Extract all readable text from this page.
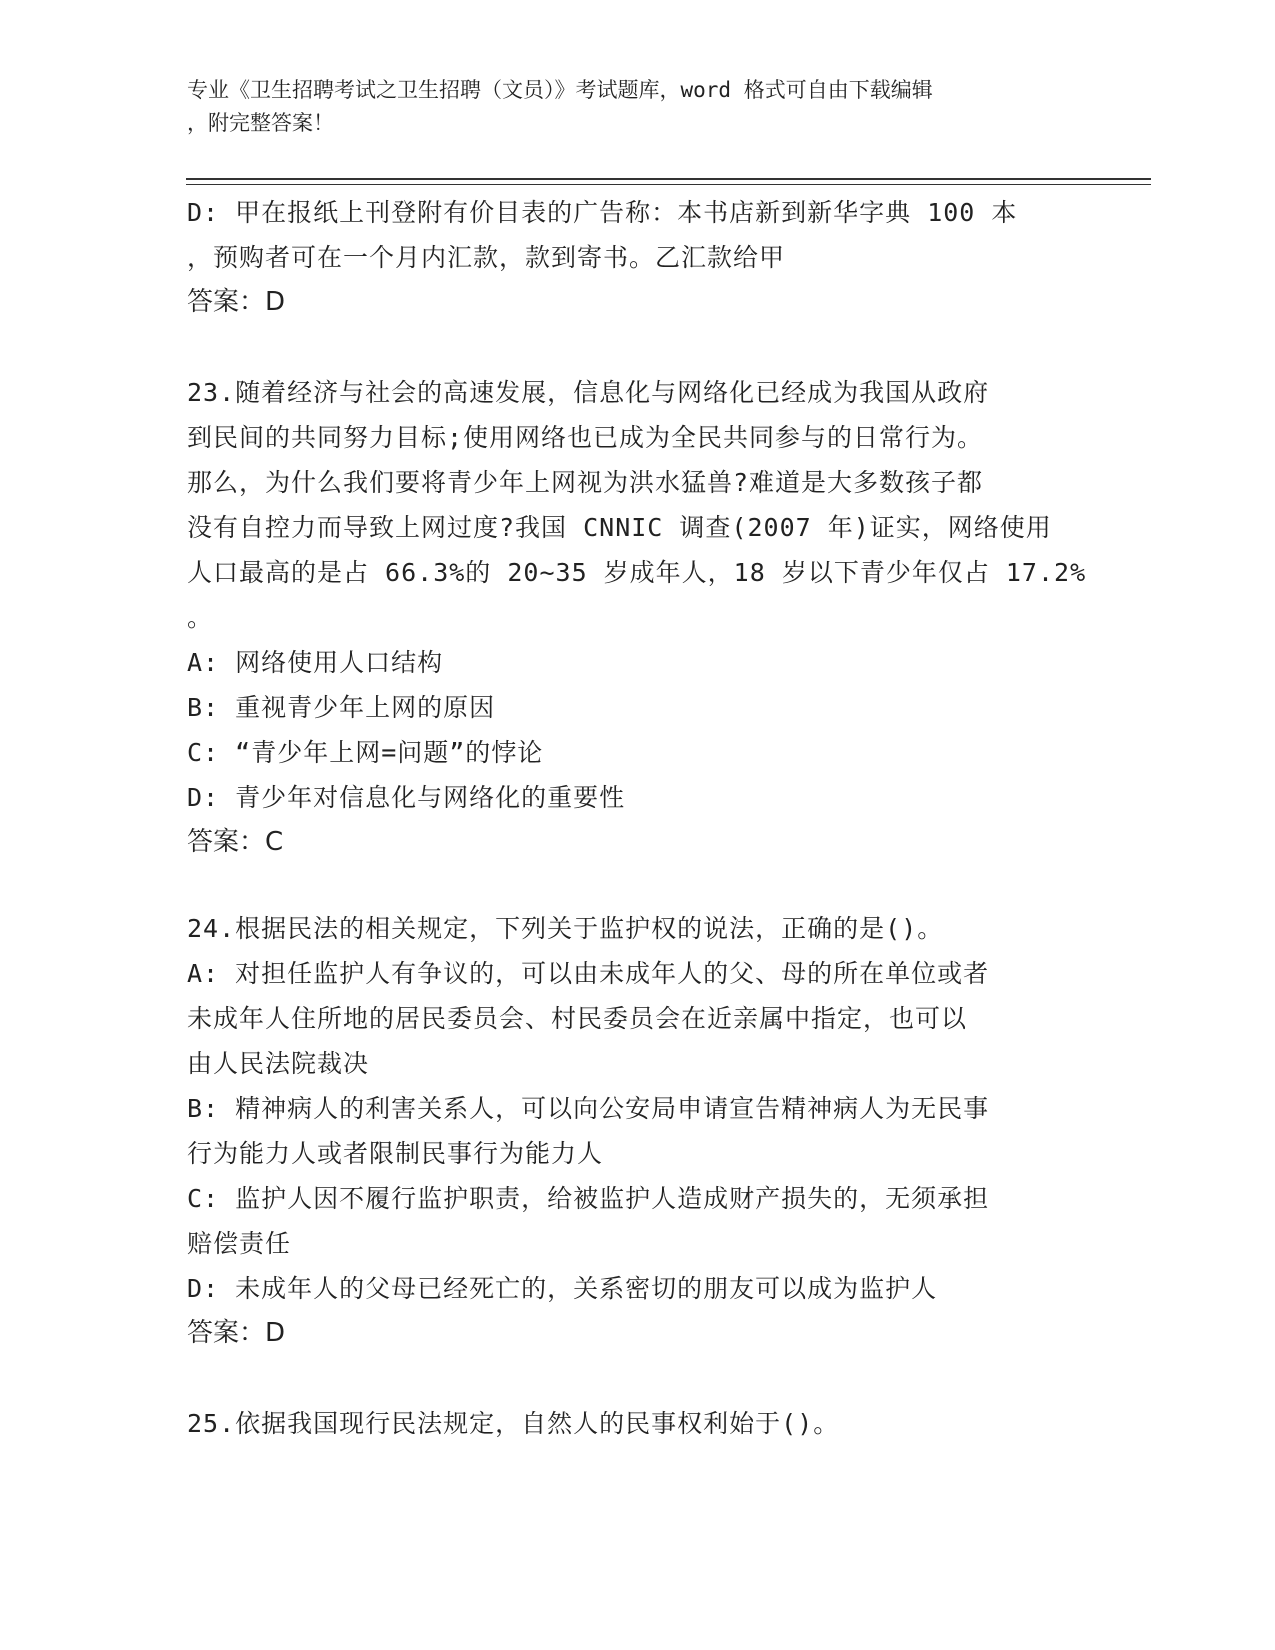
专业《卫生招聘考试之卫生招聘（文员）》考试题库，word 格式可自由下载编辑
，附完整答案！
D: 甲在报纸上刊登附有价目表的广告称：本书店新到新华字典 100 本
，预购者可在一个月内汇款，款到寄书。乙汇款给甲
答案：D
23.随着经济与社会的高速发展，信息化与网络化已经成为我国从政府
到民间的共同努力目标;使用网络也已成为全民共同参与的日常行为。
那么，为什么我们要将青少年上网视为洪水猛兽?难道是大多数孩子都
没有自控力而导致上网过度?我国 CNNIC 调查(2007 年)证实，网络使用
人口最高的是占 66.3%的 20~35 岁成年人，18 岁以下青少年仅占 17.2%
。
A: 网络使用人口结构
B: 重视青少年上网的原因
C: “青少年上网=问题”的悖论
D: 青少年对信息化与网络化的重要性
答案：C
24.根据民法的相关规定，下列关于监护权的说法，正确的是()。
A: 对担任监护人有争议的，可以由未成年人的父、母的所在单位或者
未成年人住所地的居民委员会、村民委员会在近亲属中指定，也可以
由人民法院裁决
B: 精神病人的利害关系人，可以向公安局申请宣告精神病人为无民事
行为能力人或者限制民事行为能力人
C: 监护人因不履行监护职责，给被监护人造成财产损失的，无须承担
赔偿责任
D: 未成年人的父母已经死亡的，关系密切的朋友可以成为监护人
答案：D
25.依据我国现行民法规定，自然人的民事权利始于()。
